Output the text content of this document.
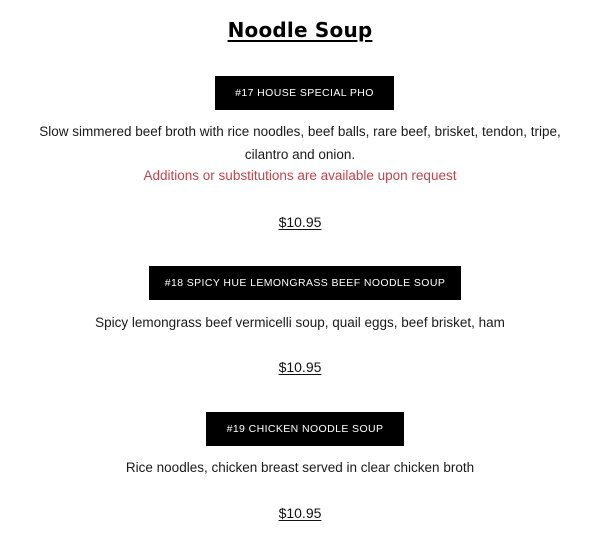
Noodle Soup
#17 HOUSE SPECIAL PHO
Slow simmered beef broth with rice noodles, beef balls, rare beef, brisket, tendon, tripe, cilantro and onion.
Additions or substitutions are available upon request
$10.95
#18 SPICY HUE LEMONGRASS BEEF NOODLE SOUP
Spicy lemongrass beef vermicelli soup, quail eggs, beef brisket, ham
$10.95
#19 CHICKEN NOODLE SOUP
Rice noodles, chicken breast served in clear chicken broth
$10.95
